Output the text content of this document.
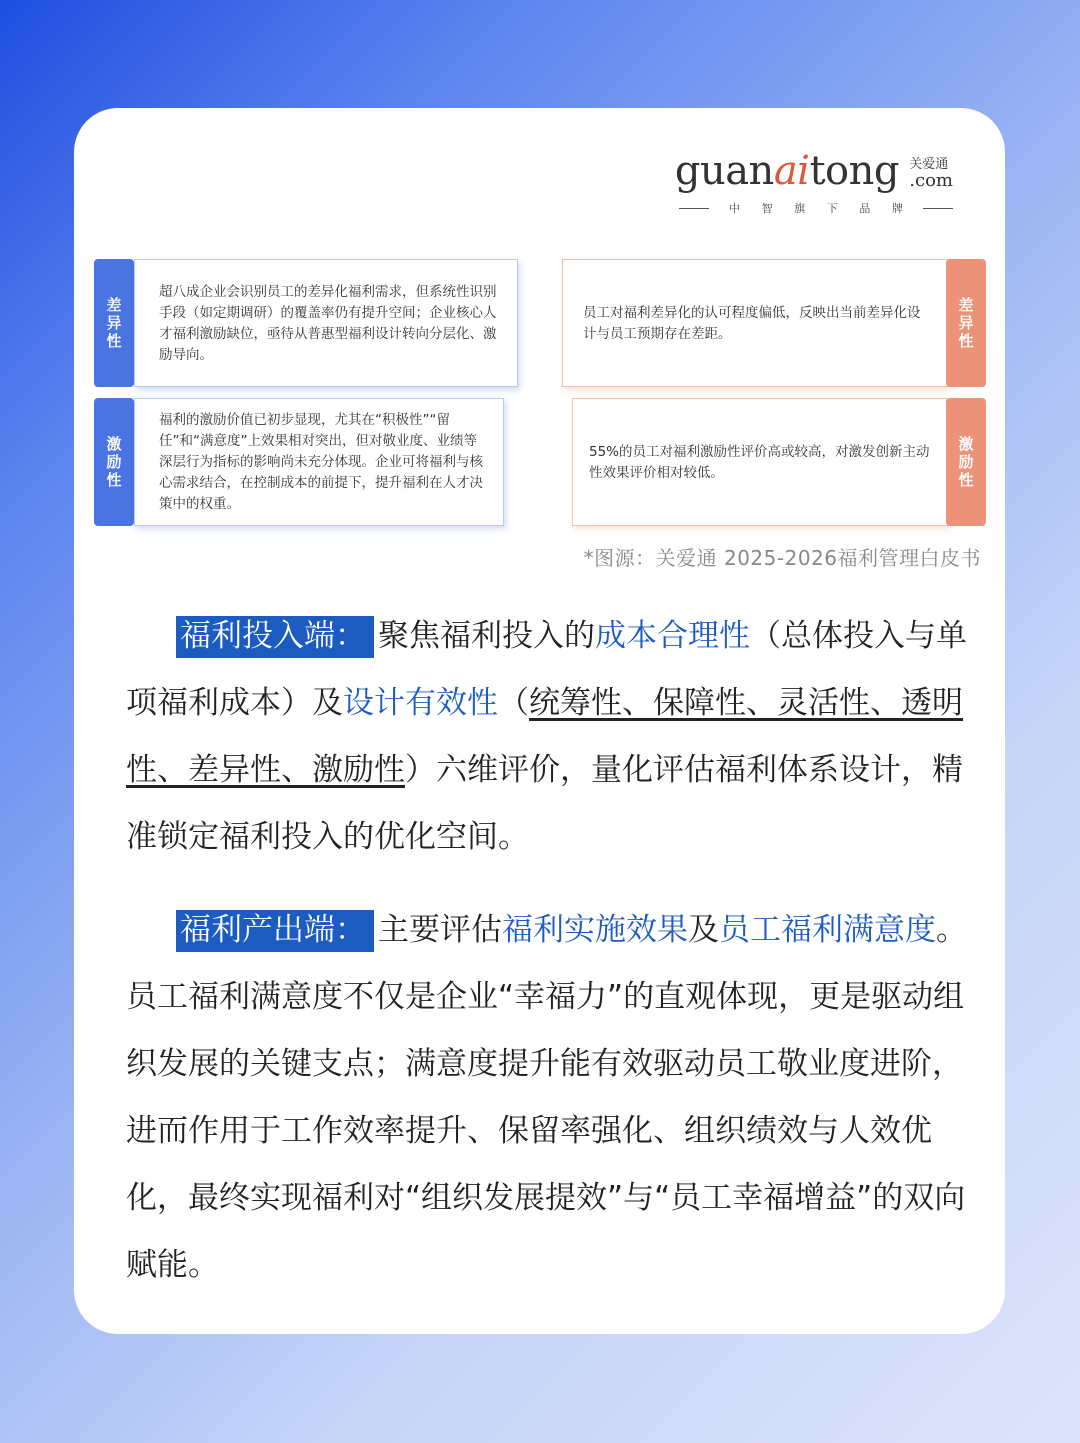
guanaitong 关爱通
.com
中 智 旗 下 品 牌
差异性
超八成企业会识别员工的差异化福利需求，但系统性识别手段（如定期调研）的覆盖率仍有提升空间；企业核心人才福利激励缺位，亟待从普惠型福利设计转向分层化、激励导向。
激励性
福利的激励价值已初步显现，尤其在“积极性”“留任”和“满意度”上效果相对突出，但对敬业度、业绩等深层行为指标的影响尚未充分体现。企业可将福利与核心需求结合，在控制成本的前提下，提升福利在人才决策中的权重。
员工对福利差异化的认可程度偏低，反映出当前差异化设计与员工预期存在差距。
差异性
55%的员工对福利激励性评价高或较高，对激发创新主动性效果评价相对较低。
激励性
*图源：关爱通 2025-2026福利管理白皮书
福利投入端： 聚焦福利投入的成本合理性（总体投入与单项福利成本）及设计有效性（统筹性、保障性、灵活性、透明性、差异性、激励性）六维评价，量化评估福利体系设计，精准锁定福利投入的优化空间。
福利产出端： 主要评估福利实施效果及员工福利满意度。员工福利满意度不仅是企业“幸福力”的直观体现，更是驱动组织发展的关键支点；满意度提升能有效驱动员工敬业度进阶，进而作用于工作效率提升、保留率强化、组织绩效与人效优化，最终实现福利对“组织发展提效”与“员工幸福增益”的双向赋能。
